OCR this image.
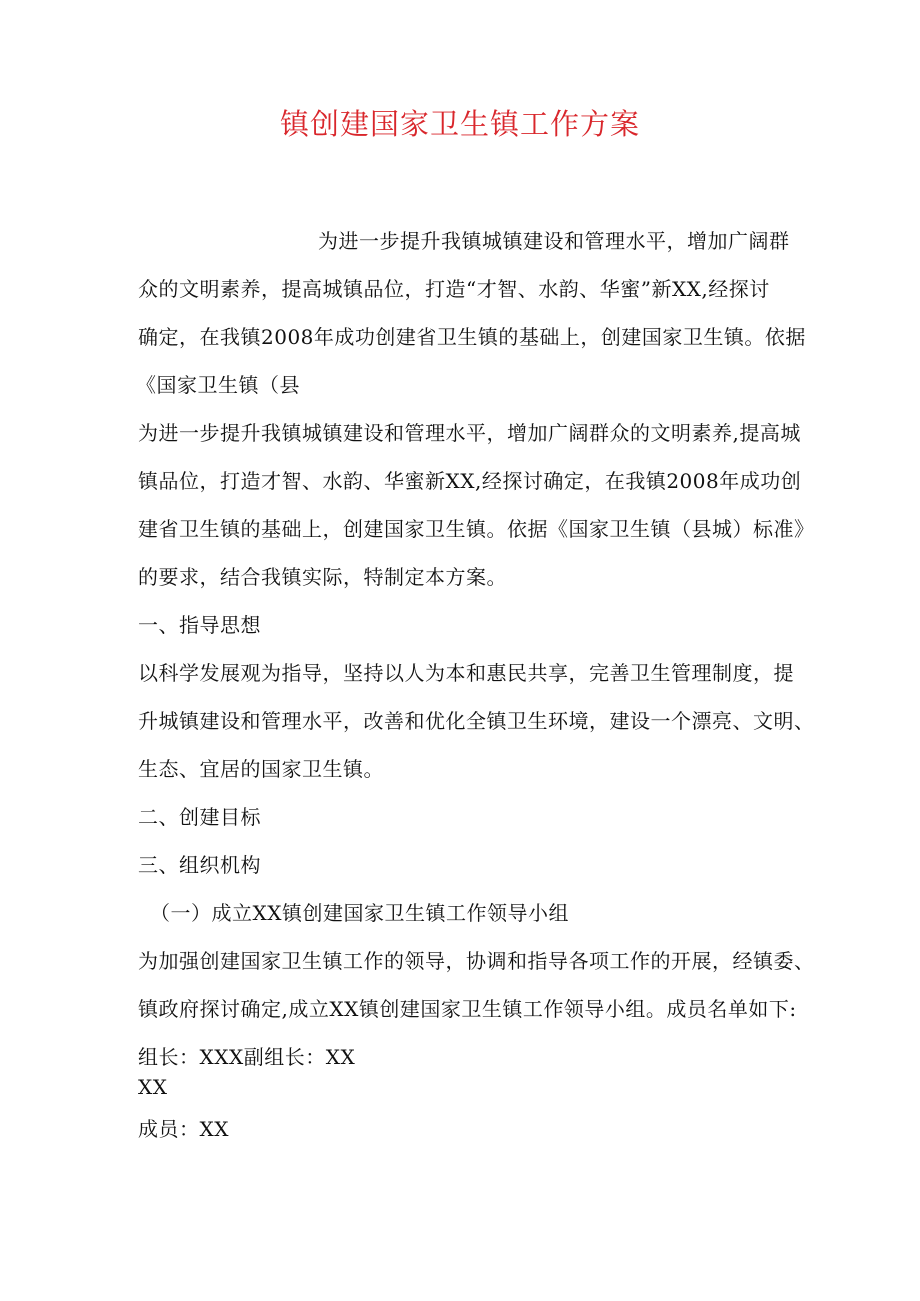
镇创建国家卫生镇工作方案
为进一步提升我镇城镇建设和管理水平，增加广阔群
众的文明素养，提高城镇品位，打造“才智、水韵、华蜜”新XX,经探讨
确定，在我镇2008年成功创建省卫生镇的基础上，创建国家卫生镇。依据
《国家卫生镇（县
为进一步提升我镇城镇建设和管理水平，增加广阔群众的文明素养,提高城
镇品位，打造才智、水韵、华蜜新XX,经探讨确定，在我镇2008年成功创
建省卫生镇的基础上，创建国家卫生镇。依据《国家卫生镇（县城）标准》
的要求，结合我镇实际，特制定本方案。
一、指导思想
以科学发展观为指导，坚持以人为本和惠民共享，完善卫生管理制度，提
升城镇建设和管理水平，改善和优化全镇卫生环境，建设一个漂亮、文明、
生态、宜居的国家卫生镇。
二、创建目标
三、组织机构
（一）成立XX镇创建国家卫生镇工作领导小组
为加强创建国家卫生镇工作的领导，协调和指导各项工作的开展，经镇委、
镇政府探讨确定,成立XX镇创建国家卫生镇工作领导小组。成员名单如下:
组长：XXX副组长：XX
XX
成员：XX
